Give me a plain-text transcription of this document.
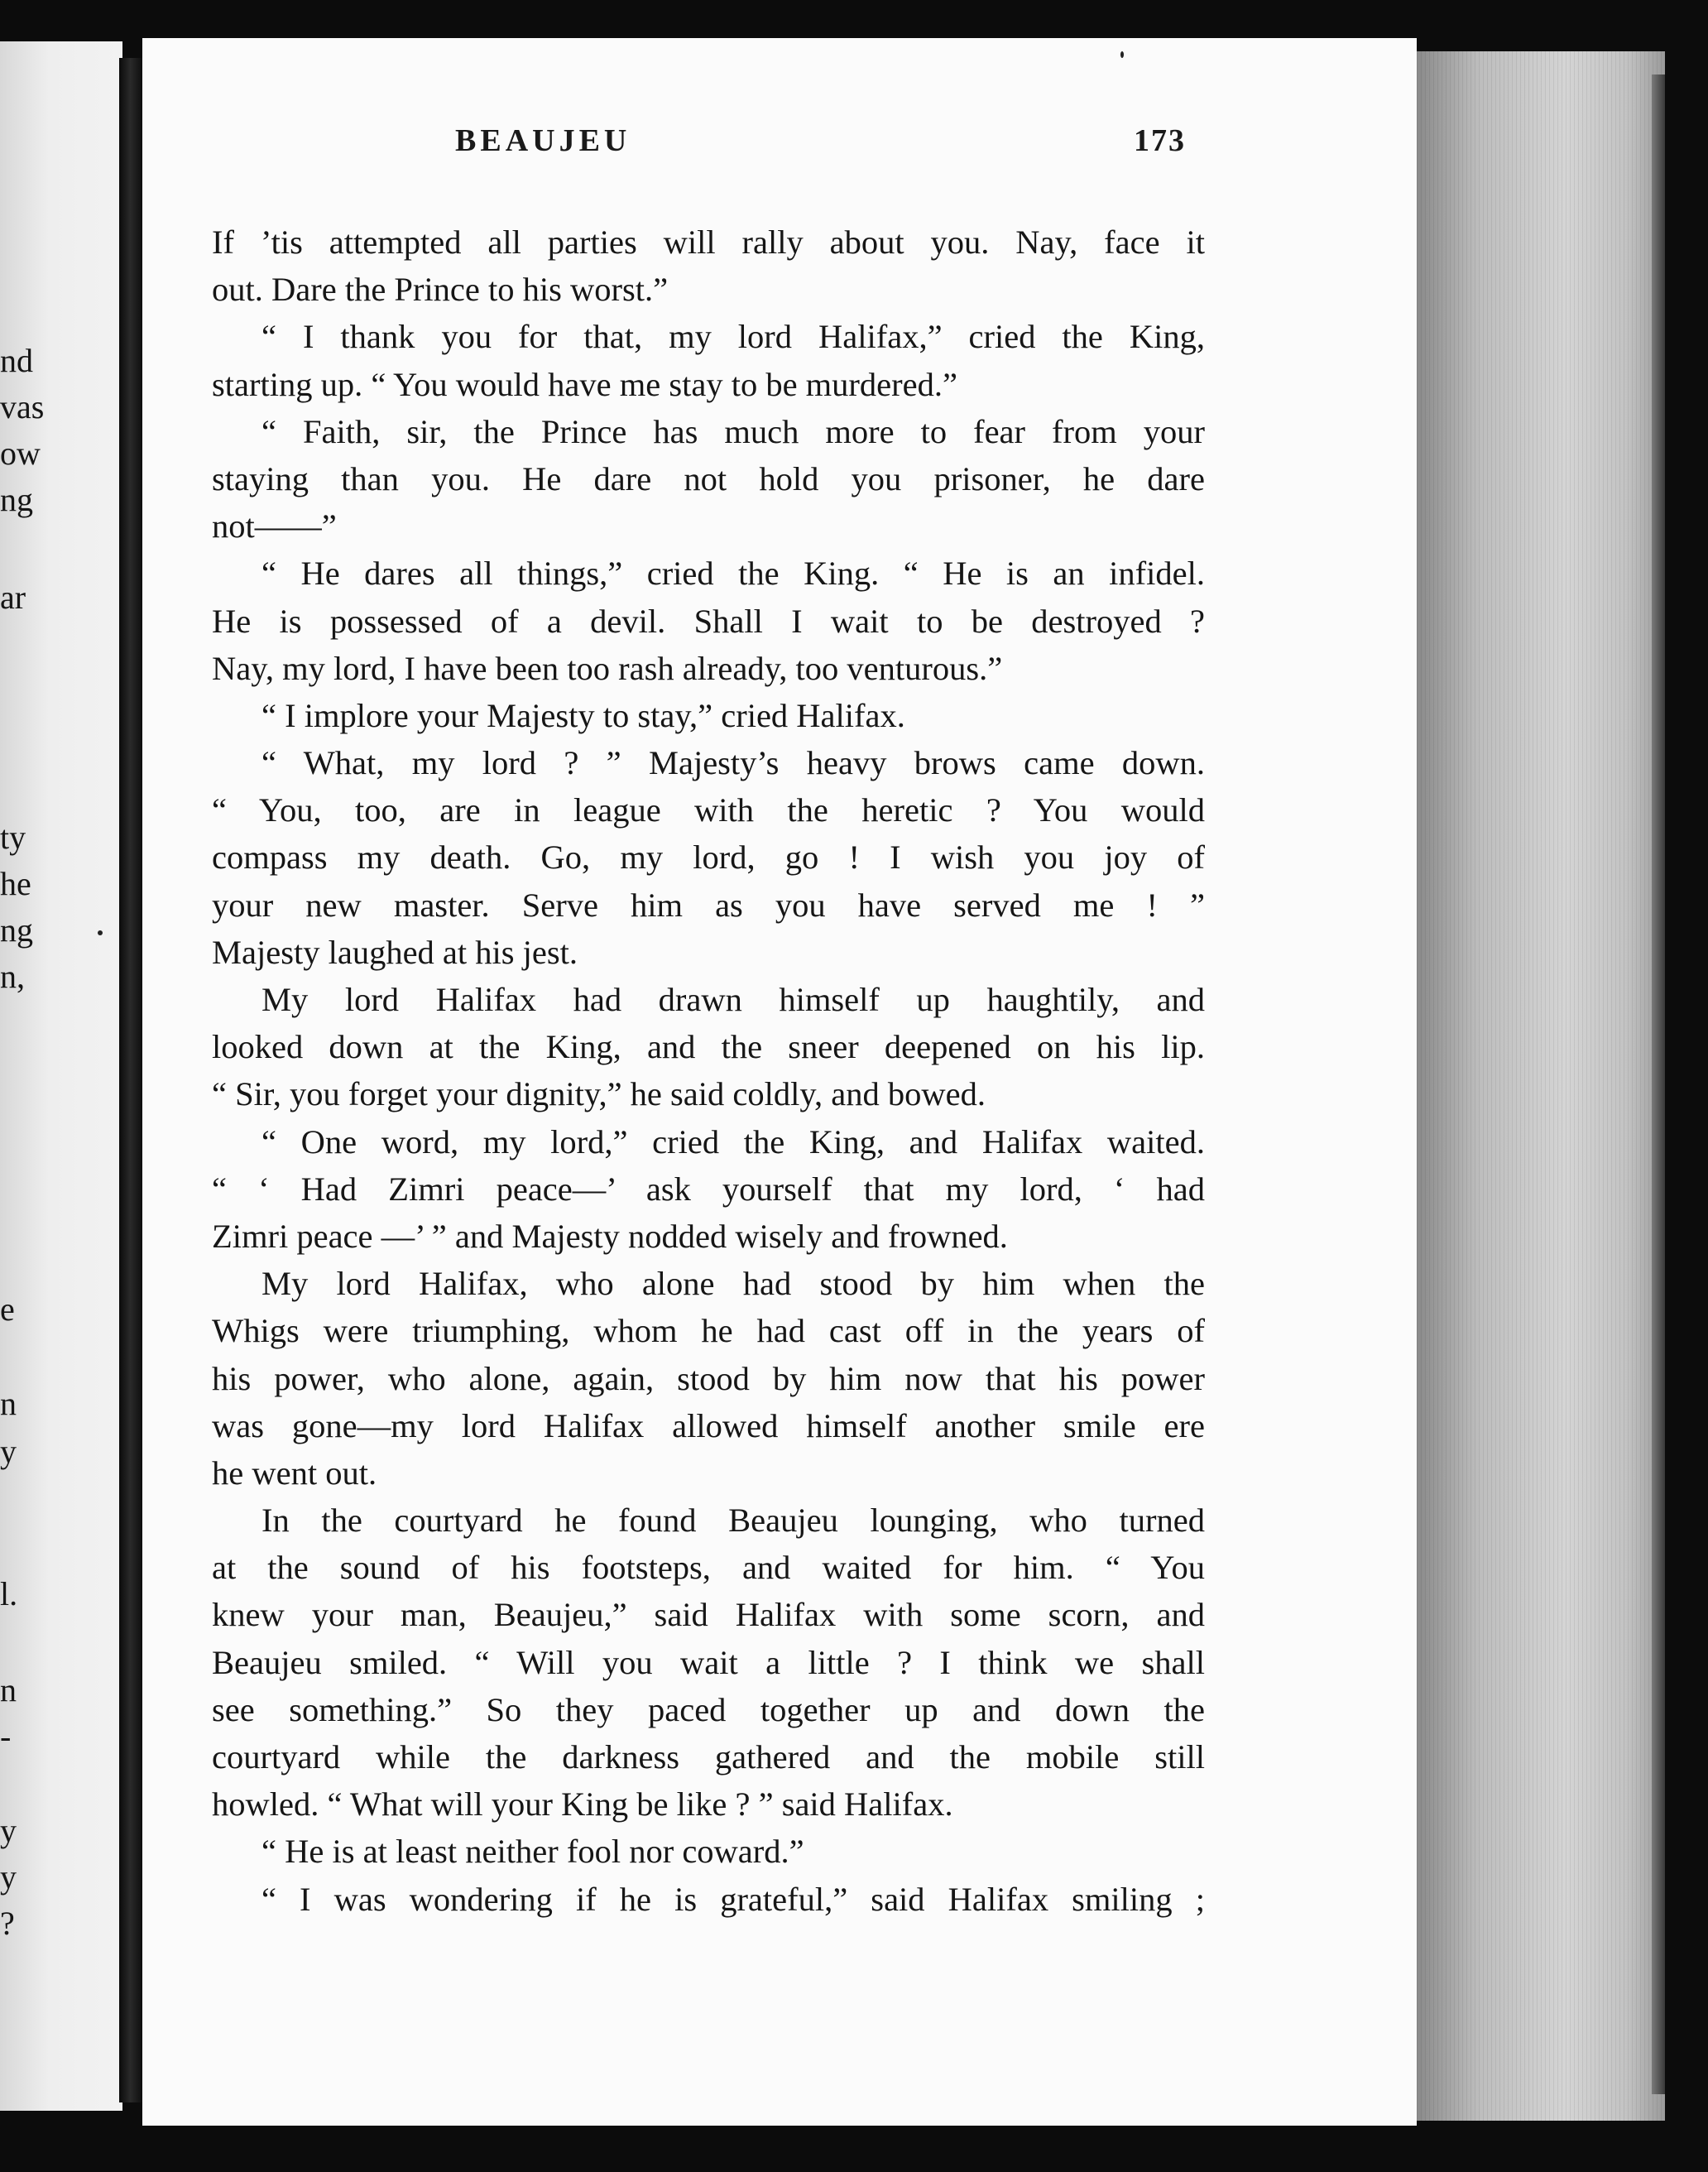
nd
vas
ow
ng
ar
ty
he
ng
n,
e
n
y
l.
n
-
y
y
?
BEAUJEU	173
If ’tis attempted all parties will rally about you. Nay, face it
out. Dare the Prince to his worst.”
“ I thank you for that, my lord Halifax,” cried the King,
starting up. “ You would have me stay to be murdered.”
“ Faith, sir, the Prince has much more to fear from your
staying than you. He dare not hold you prisoner, he dare
not——”
“ He dares all things,” cried the King. “ He is an infidel.
He is possessed of a devil. Shall I wait to be destroyed ?
Nay, my lord, I have been too rash already, too venturous.”
“ I implore your Majesty to stay,” cried Halifax.
“ What, my lord ? ” Majesty’s heavy brows came down.
“ You, too, are in league with the heretic ? You would
compass my death. Go, my lord, go ! I wish you joy of
your new master. Serve him as you have served me ! ”
Majesty laughed at his jest.
My lord Halifax had drawn himself up haughtily, and
looked down at the King, and the sneer deepened on his lip.
“ Sir, you forget your dignity,” he said coldly, and bowed.
“ One word, my lord,” cried the King, and Halifax waited.
“ ‘ Had Zimri peace—’ ask yourself that my lord, ‘ had
Zimri peace —’ ” and Majesty nodded wisely and frowned.
My lord Halifax, who alone had stood by him when the
Whigs were triumphing, whom he had cast off in the years of
his power, who alone, again, stood by him now that his power
was gone—my lord Halifax allowed himself another smile ere
he went out.
In the courtyard he found Beaujeu lounging, who turned
at the sound of his footsteps, and waited for him. “ You
knew your man, Beaujeu,” said Halifax with some scorn, and
Beaujeu smiled. “ Will you wait a little ? I think we shall
see something.” So they paced together up and down the
courtyard while the darkness gathered and the mobile still
howled. “ What will your King be like ? ” said Halifax.
“ He is at least neither fool nor coward.”
“ I was wondering if he is grateful,” said Halifax smiling ;
